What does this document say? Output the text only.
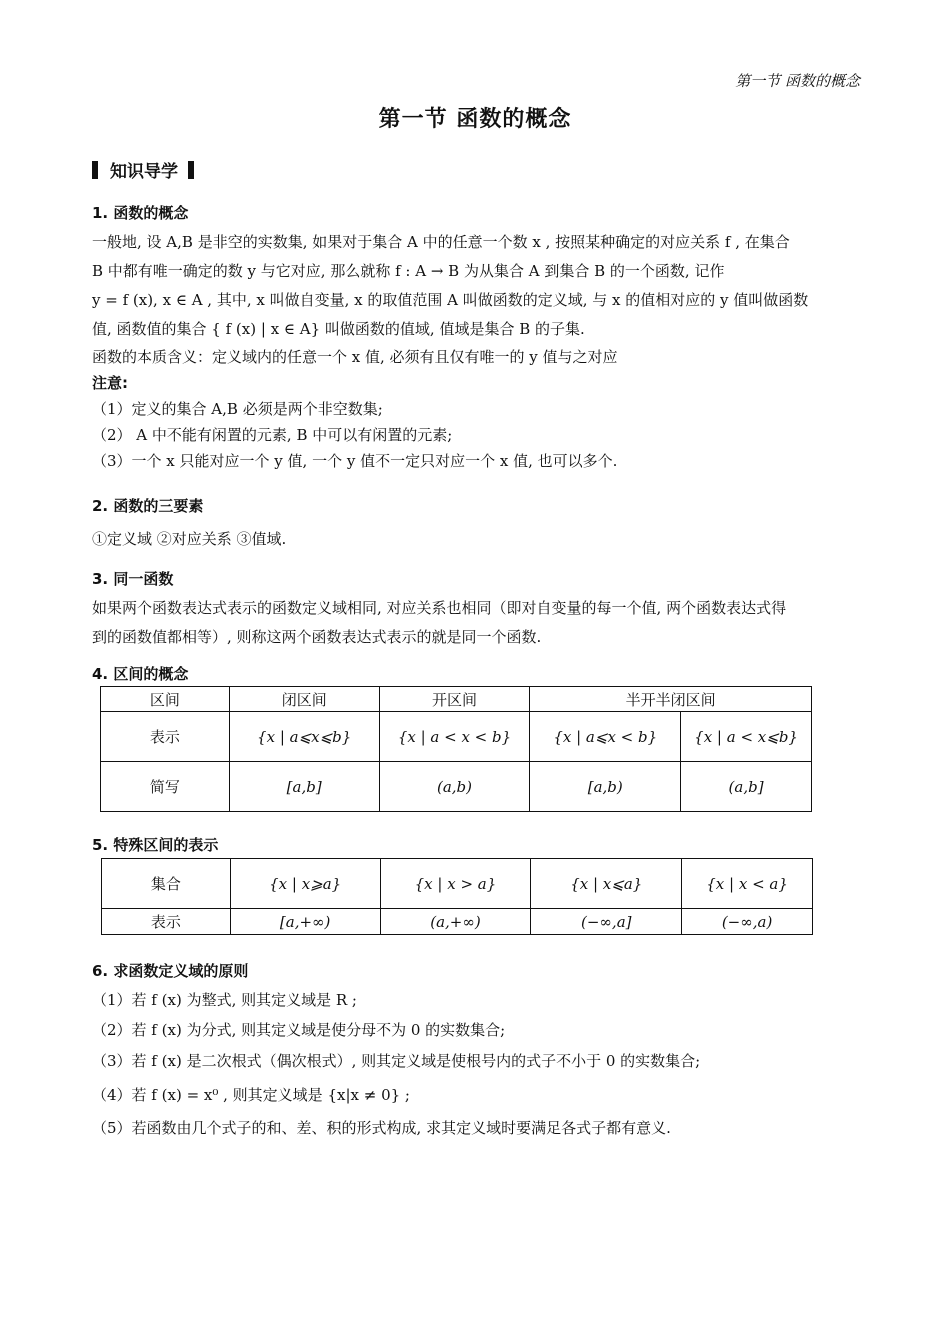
第一节 函数的概念
第一节 函数的概念
知识导学
1. 函数的概念
一般地, 设 A,B 是非空的实数集, 如果对于集合 A 中的任意一个数 x , 按照某种确定的对应关系 f , 在集合
B 中都有唯一确定的数 y 与它对应, 那么就称 f : A → B 为从集合 A 到集合 B 的一个函数, 记作
y = f (x), x ∈ A , 其中, x 叫做自变量, x 的取值范围 A 叫做函数的定义域, 与 x 的值相对应的 y 值叫做函数
值, 函数值的集合 { f (x) | x ∈ A} 叫做函数的值域, 值域是集合 B 的子集.
函数的本质含义：定义域内的任意一个 x 值, 必须有且仅有唯一的 y 值与之对应
注意:
（1）定义的集合 A,B 必须是两个非空数集;
（2） A 中不能有闲置的元素, B 中可以有闲置的元素;
（3）一个 x 只能对应一个 y 值, 一个 y 值不一定只对应一个 x 值, 也可以多个.
2. 函数的三要素
①定义域 ②对应关系 ③值域.
3. 同一函数
如果两个函数表达式表示的函数定义域相同, 对应关系也相同（即对自变量的每一个值, 两个函数表达式得
到的函数值都相等）, 则称这两个函数表达式表示的就是同一个函数.
4. 区间的概念
区间	闭区间	开区间	半开半闭区间	
表示	{x | a⩽x⩽b}	{x | a < x < b}	{x | a⩽x < b}	{x | a < x⩽b}
简写	[a,b]	(a,b)	[a,b)	(a,b]
5. 特殊区间的表示
集合	{x | x⩾a}	{x | x > a}	{x | x⩽a}	{x | x < a}
表示	[a,+∞)	(a,+∞)	(−∞,a]	(−∞,a)
6. 求函数定义域的原则
（1）若 f (x) 为整式, 则其定义域是 R ;
（2）若 f (x) 为分式, 则其定义域是使分母不为 0 的实数集合;
（3）若 f (x) 是二次根式（偶次根式）, 则其定义域是使根号内的式子不小于 0 的实数集合;
（4）若 f (x) = x⁰ , 则其定义域是 {x|x ≠ 0} ;
（5）若函数由几个式子的和、差、积的形式构成, 求其定义域时要满足各式子都有意义.
